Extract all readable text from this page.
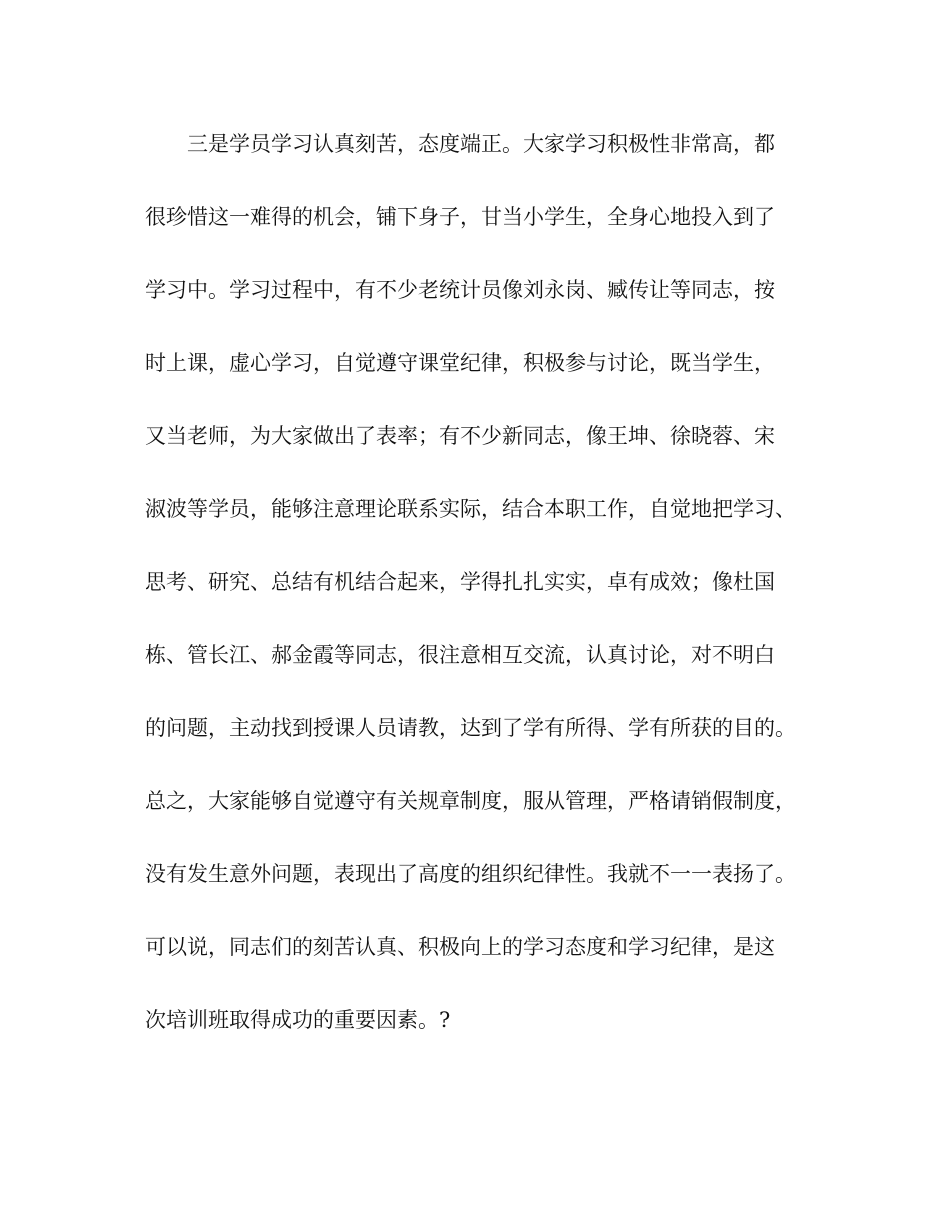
　　三是学员学习认真刻苦，态度端正。大家学习积极性非常高，都
很珍惜这一难得的机会，铺下身子，甘当小学生，全身心地投入到了
学习中。学习过程中，有不少老统计员像刘永岗、臧传让等同志，按
时上课，虚心学习，自觉遵守课堂纪律，积极参与讨论，既当学生，
又当老师，为大家做出了表率；有不少新同志，像王坤、徐晓蓉、宋
淑波等学员，能够注意理论联系实际，结合本职工作，自觉地把学习、
思考、研究、总结有机结合起来，学得扎扎实实，卓有成效；像杜国
栋、管长江、郝金霞等同志，很注意相互交流，认真讨论，对不明白
的问题，主动找到授课人员请教，达到了学有所得、学有所获的目的。
总之，大家能够自觉遵守有关规章制度，服从管理，严格请销假制度，
没有发生意外问题，表现出了高度的组织纪律性。我就不一一表扬了。
可以说，同志们的刻苦认真、积极向上的学习态度和学习纪律，是这
次培训班取得成功的重要因素。?
